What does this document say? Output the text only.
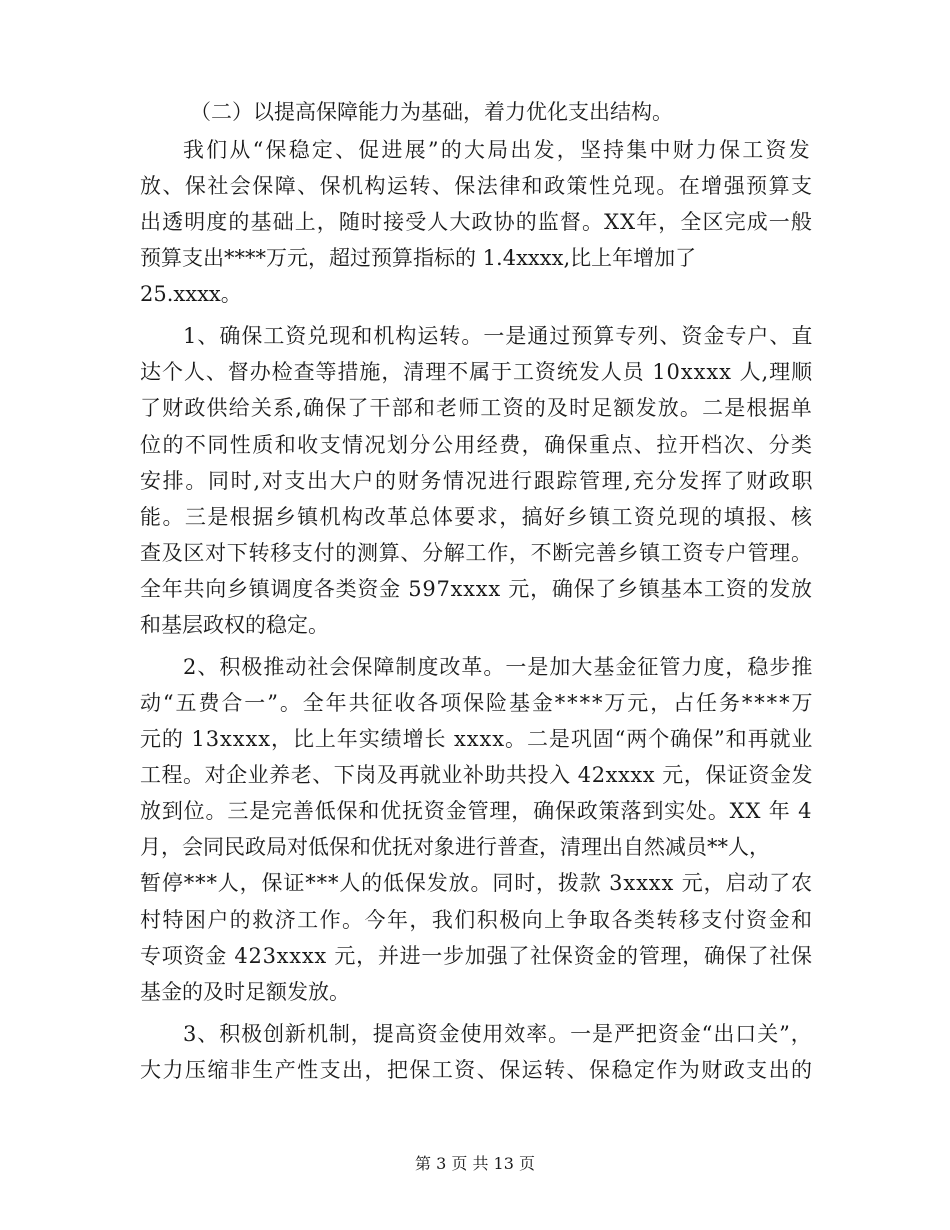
（二）以提高保障能力为基础，着力优化支出结构。
我们从“保稳定、促进展”的大局出发，坚持集中财力保工资发
放、保社会保障、保机构运转、保法律和政策性兑现。在增强预算支
出透明度的基础上，随时接受人大政协的监督。XX年，全区完成一般
预算支出****万元，超过预算指标的 1.4xxxx,比上年增加了
25.xxxx。
1、确保工资兑现和机构运转。一是通过预算专列、资金专户、直
达个人、督办检查等措施，清理不属于工资统发人员 10xxxx 人,理顺
了财政供给关系,确保了干部和老师工资的及时足额发放。二是根据单
位的不同性质和收支情况划分公用经费，确保重点、拉开档次、分类
安排。同时,对支出大户的财务情况进行跟踪管理,充分发挥了财政职
能。三是根据乡镇机构改革总体要求，搞好乡镇工资兑现的填报、核
查及区对下转移支付的测算、分解工作，不断完善乡镇工资专户管理。
全年共向乡镇调度各类资金 597xxxx 元，确保了乡镇基本工资的发放
和基层政权的稳定。
2、积极推动社会保障制度改革。一是加大基金征管力度，稳步推
动“五费合一”。全年共征收各项保险基金****万元，占任务****万
元的 13xxxx，比上年实绩增长 xxxx。二是巩固“两个确保”和再就业
工程。对企业养老、下岗及再就业补助共投入 42xxxx 元，保证资金发
放到位。三是完善低保和优抚资金管理，确保政策落到实处。XX 年 4
月，会同民政局对低保和优抚对象进行普查，清理出自然减员**人，
暂停***人，保证***人的低保发放。同时，拨款 3xxxx 元，启动了农
村特困户的救济工作。今年，我们积极向上争取各类转移支付资金和
专项资金 423xxxx 元，并进一步加强了社保资金的管理，确保了社保
基金的及时足额发放。
3、积极创新机制，提高资金使用效率。一是严把资金“出口关”，
大力压缩非生产性支出，把保工资、保运转、保稳定作为财政支出的
第 3 页 共 13 页
